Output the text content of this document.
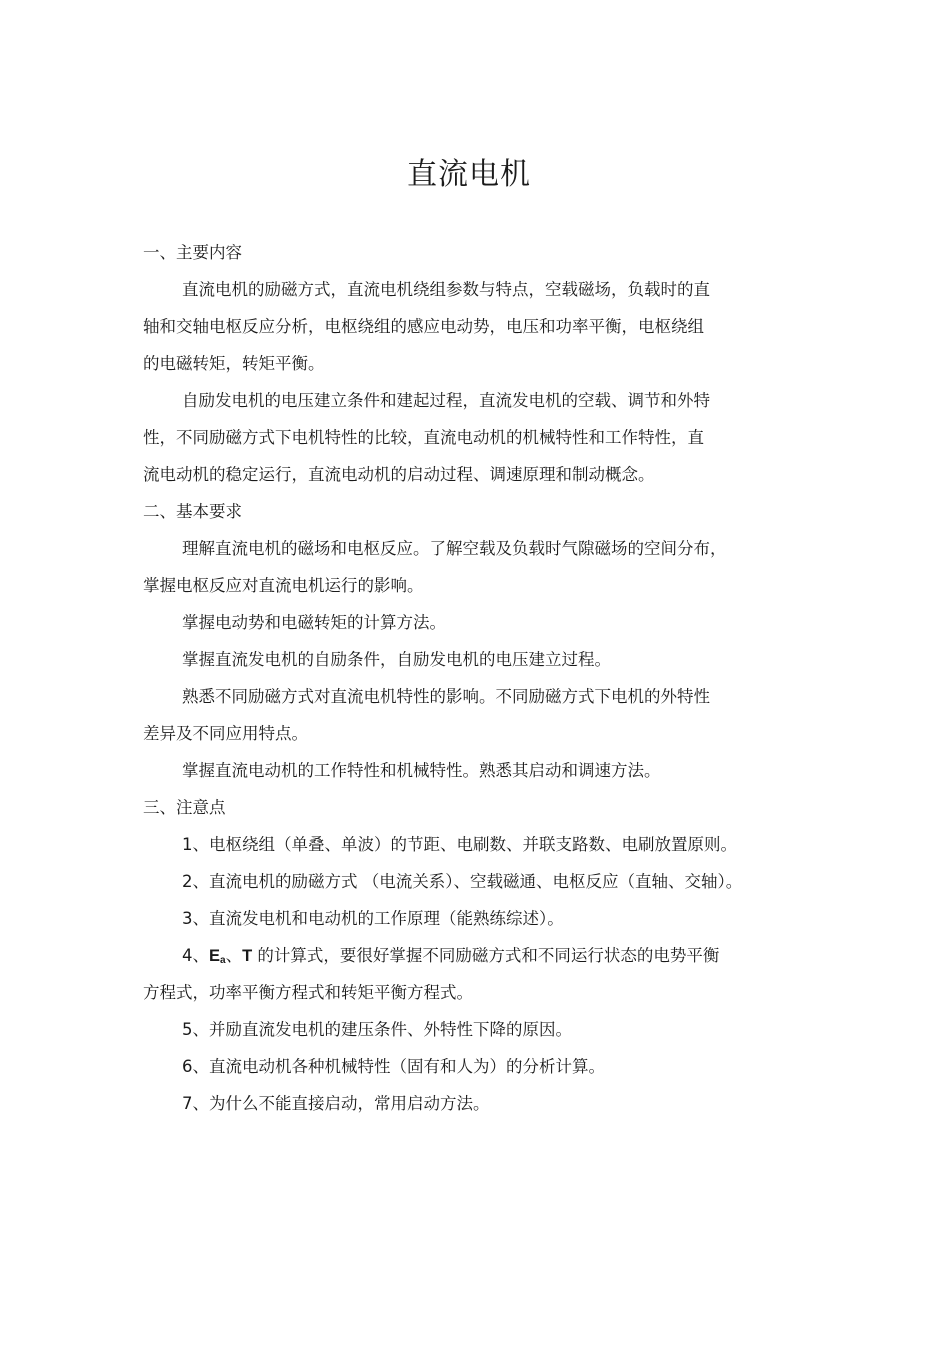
直流电机
一、主要内容
直流电机的励磁方式，直流电机绕组参数与特点，空载磁场，负载时的直
轴和交轴电枢反应分析，电枢绕组的感应电动势，电压和功率平衡，电枢绕组
的电磁转矩，转矩平衡。
自励发电机的电压建立条件和建起过程，直流发电机的空载、调节和外特
性，不同励磁方式下电机特性的比较，直流电动机的机械特性和工作特性，直
流电动机的稳定运行，直流电动机的启动过程、调速原理和制动概念。
二、基本要求
理解直流电机的磁场和电枢反应。了解空载及负载时气隙磁场的空间分布，
掌握电枢反应对直流电机运行的影响。
掌握电动势和电磁转矩的计算方法。
掌握直流发电机的自励条件，自励发电机的电压建立过程。
熟悉不同励磁方式对直流电机特性的影响。不同励磁方式下电机的外特性
差异及不同应用特点。
掌握直流电动机的工作特性和机械特性。熟悉其启动和调速方法。
三、注意点
1、电枢绕组（单叠、单波）的节距、电刷数、并联支路数、电刷放置原则。
2、直流电机的励磁方式 （电流关系）、空载磁通、电枢反应（直轴、交轴）。
3、直流发电机和电动机的工作原理（能熟练综述）。
4、$E_a$、T 的计算式，要很好掌握不同励磁方式和不同运行状态的电势平衡
方程式，功率平衡方程式和转矩平衡方程式。
5、并励直流发电机的建压条件、外特性下降的原因。
6、直流电动机各种机械特性（固有和人为）的分析计算。
7、为什么不能直接启动，常用启动方法。
